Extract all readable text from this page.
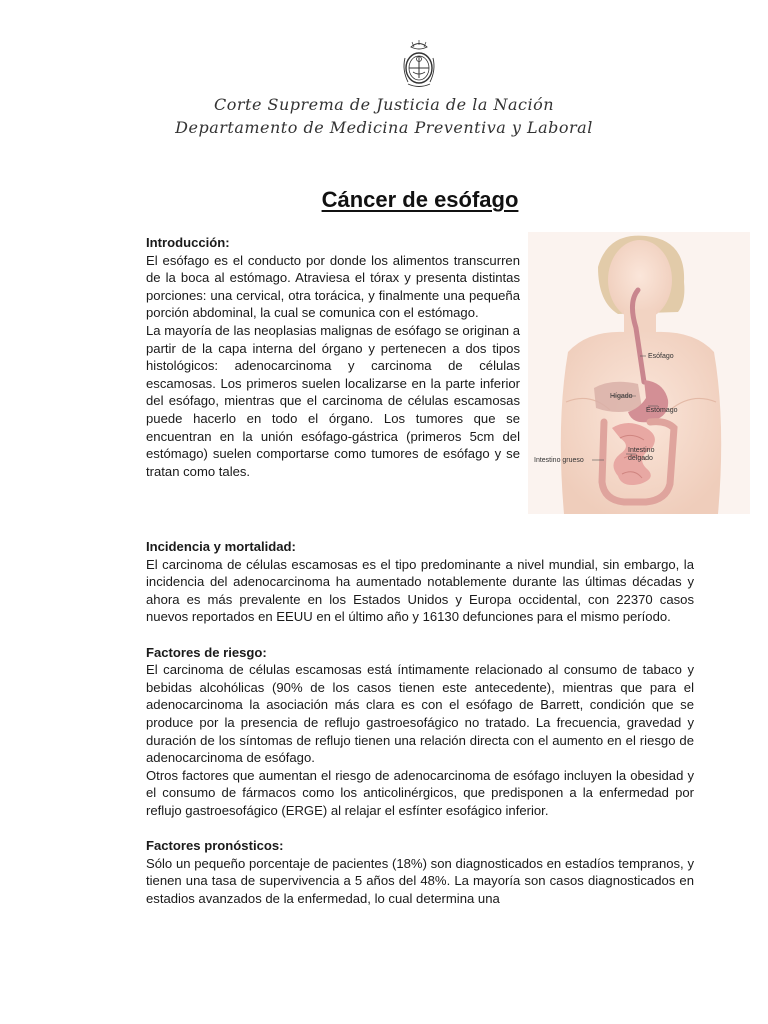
Corte Suprema de Justicia de la Nación
Departamento de Medicina Preventiva y Laboral
Cáncer de esófago
Introducción:

El esófago es el conducto por donde los alimentos transcurren de la boca al estómago. Atraviesa el tórax y presenta distintas porciones: una cervical, otra torácica, y finalmente una pequeña porción abdominal, la cual se comunica con el estómago.

La mayoría de las neoplasias malignas de esófago se originan a partir de la capa interna del órgano y pertenecen a dos tipos histológicos: adenocarcinoma y carcinoma de células escamosas. Los primeros suelen localizarse en la parte inferior del esófago, mientras que el carcinoma de células escamosas puede hacerlo en todo el órgano. Los tumores que se encuentran en la unión esófago-gástrica (primeros 5cm del estómago) suelen comportarse como tumores de esófago y se tratan como tales.

Esófago
Hígado
Estómago
Intestino
delgado
Intestino grueso
Incidencia y mortalidad:

El carcinoma de células escamosas es el tipo predominante a nivel mundial, sin embargo, la incidencia del adenocarcinoma ha aumentado notablemente durante las últimas décadas y ahora es más prevalente en los Estados Unidos y Europa occidental, con 22370 casos nuevos reportados en EEUU en el último año y 16130 defunciones para el mismo período.

Factores de riesgo:

El carcinoma de células escamosas está íntimamente relacionado al consumo de tabaco y bebidas alcohólicas (90% de los casos tienen este antecedente), mientras que para el adenocarcinoma la asociación más clara es con el esófago de Barrett, condición que se produce por la presencia de reflujo gastroesofágico no tratado. La frecuencia, gravedad y duración de los síntomas de reflujo tienen una relación directa con el aumento en el riesgo de adenocarcinoma de esófago.

Otros factores que aumentan el riesgo de adenocarcinoma de esófago incluyen la obesidad y el consumo de fármacos como los anticolinérgicos, que predisponen a la enfermedad por reflujo gastroesofágico (ERGE) al relajar el esfínter esofágico inferior.

Factores pronósticos:

Sólo un pequeño porcentaje de pacientes (18%) son diagnosticados en estadíos tempranos, y tienen una tasa de supervivencia a 5 años del 48%. La mayoría son casos diagnosticados en estadios avanzados de la enfermedad, lo cual determina una
